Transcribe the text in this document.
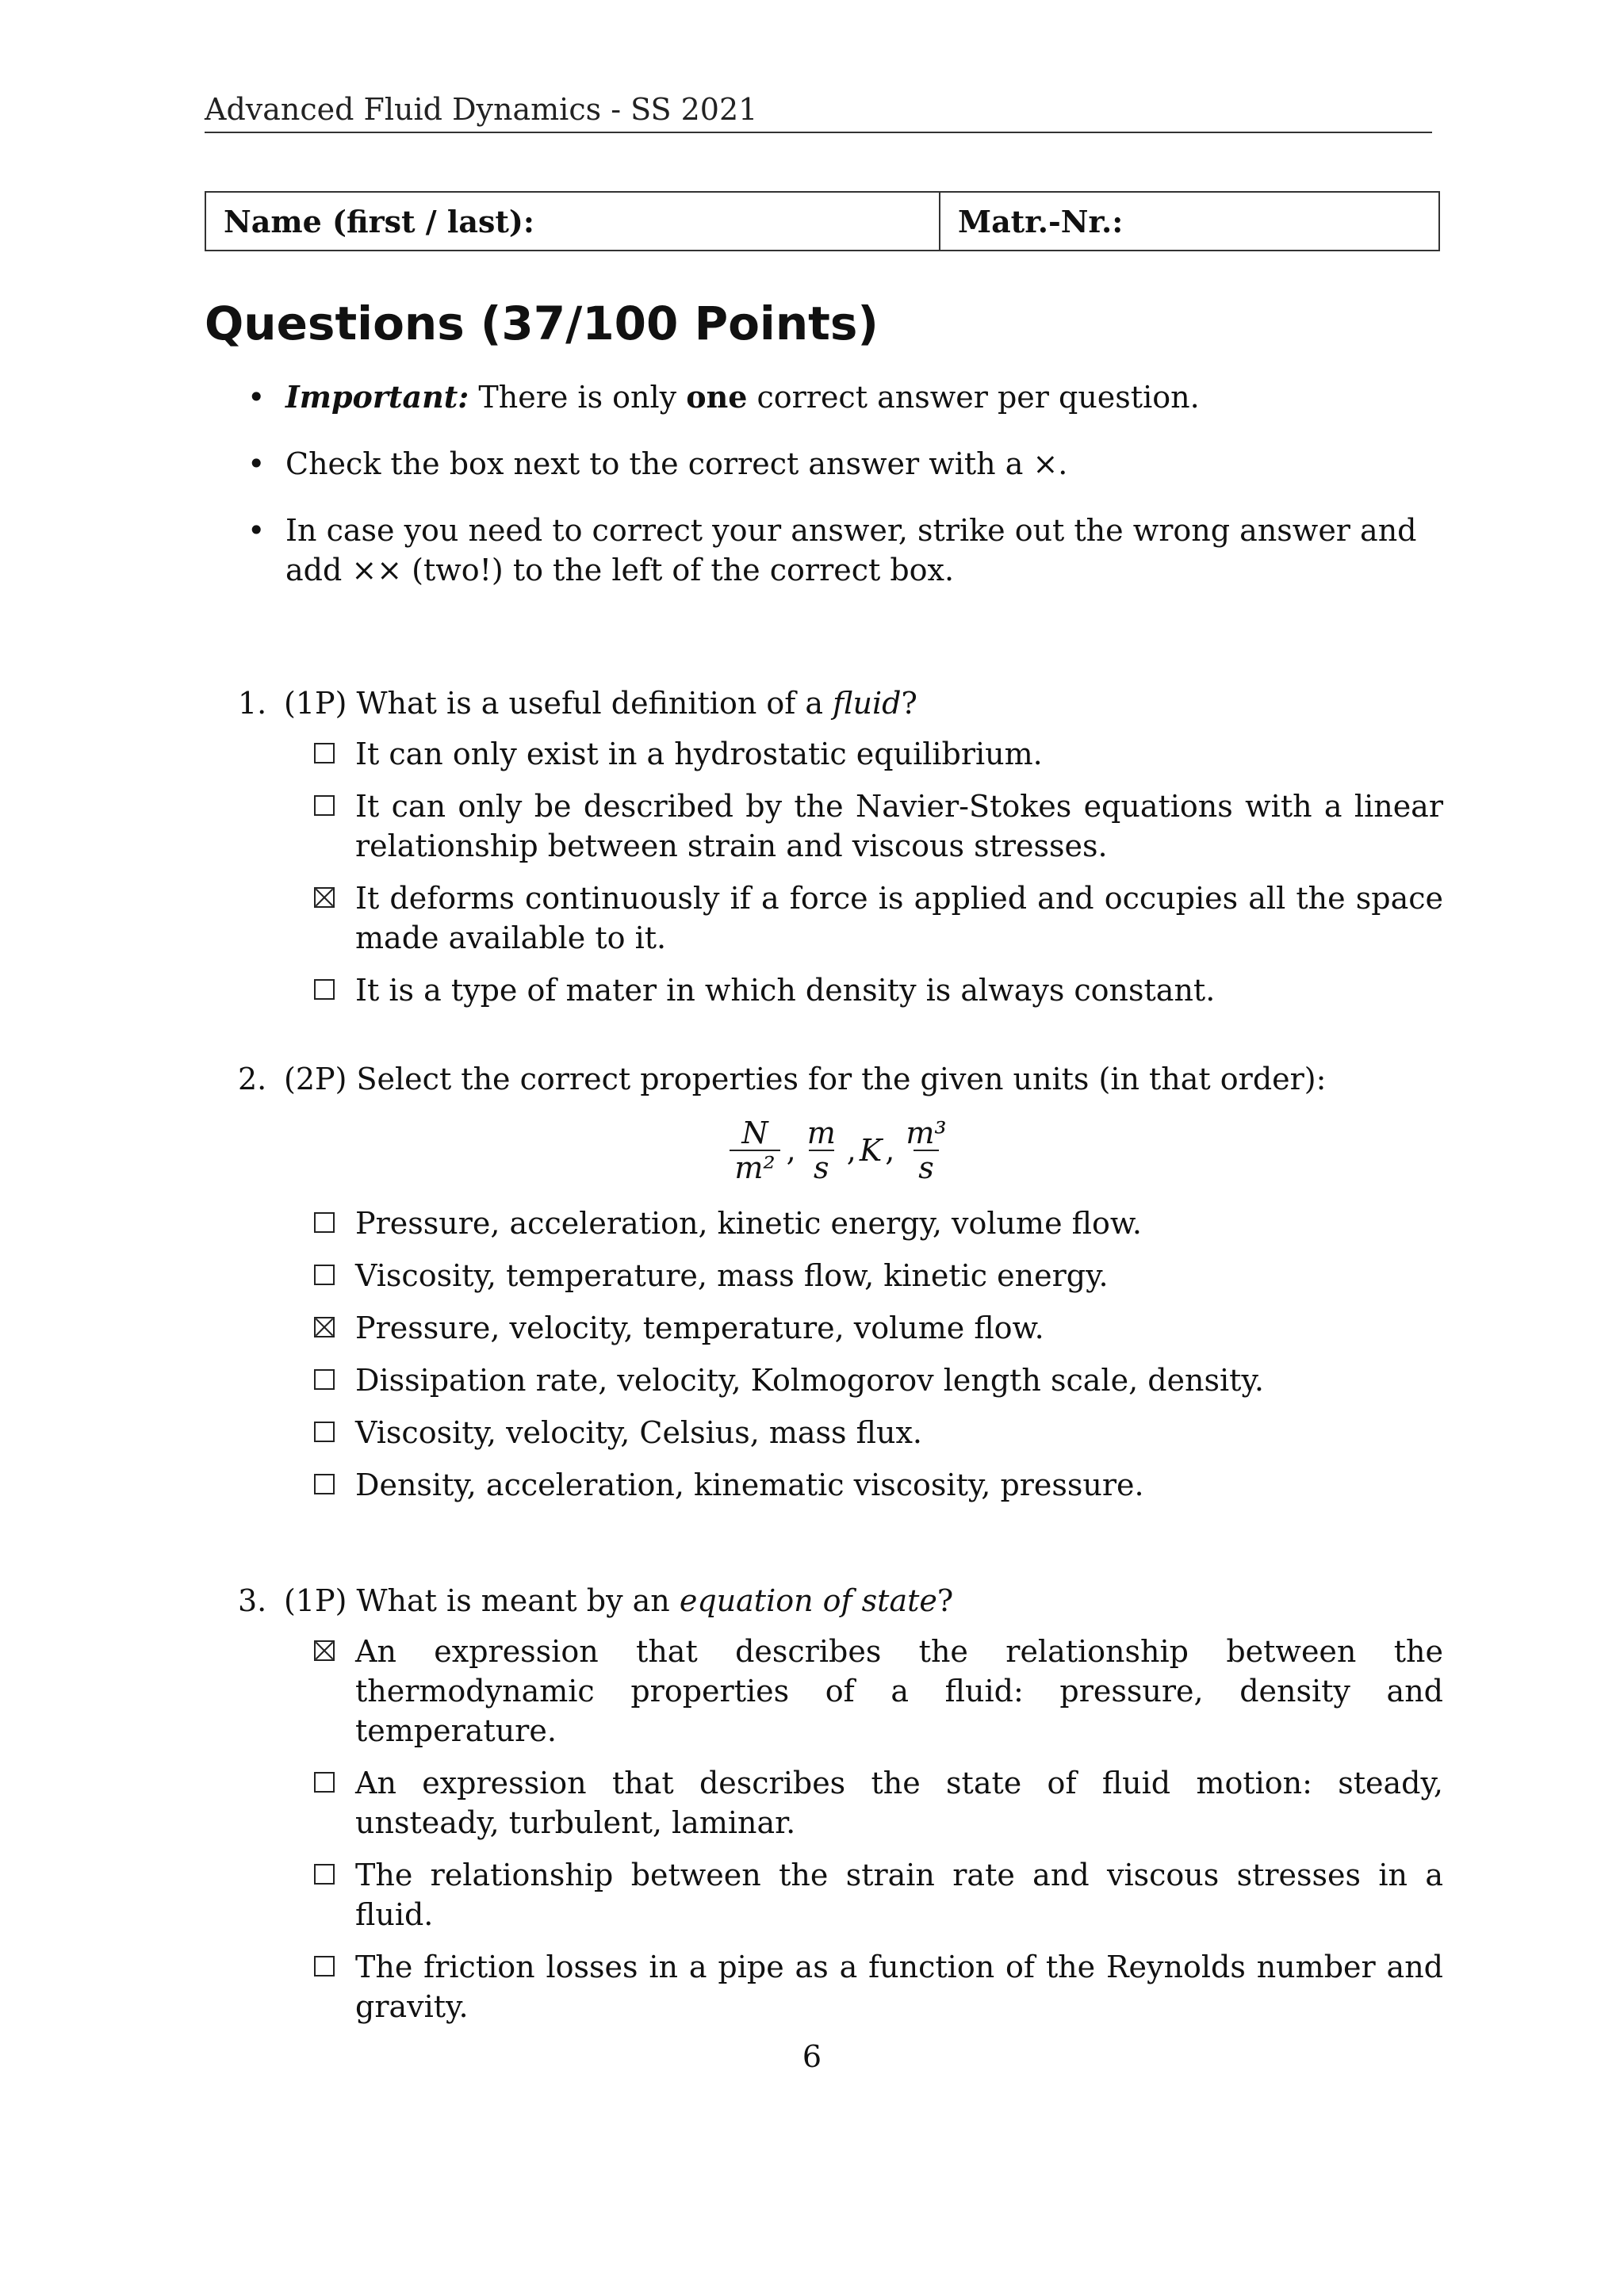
Advanced Fluid Dynamics - SS 2021
Name (first / last):	Matr.-Nr.:
Questions (37/100 Points)
• Important: There is only one correct answer per question.
• Check the box next to the correct answer with a ×.
• In case you need to correct your answer, strike out the wrong answer and add ×× (two!) to the left of the correct box.
1. (1P) What is a useful definition of a fluid?
It can only exist in a hydrostatic equilibrium.
It can only be described by the Navier-Stokes equations with a linear relationship between strain and viscous stresses.
It deforms continuously if a force is applied and occupies all the space made available to it.
It is a type of mater in which density is always constant.
2. (2P) Select the correct properties for the given units (in that order):
$\frac{N}{\text{m²}}$ , $\frac{m}{s}$ , K , $\frac{\text{m³}}{s}$
Pressure, acceleration, kinetic energy, volume flow.
Viscosity, temperature, mass flow, kinetic energy.
Pressure, velocity, temperature, volume flow.
Dissipation rate, velocity, Kolmogorov length scale, density.
Viscosity, velocity, Celsius, mass flux.
Density, acceleration, kinematic viscosity, pressure.
3. (1P) What is meant by an equation of state?
An expression that describes the relationship between the thermodynamic properties of a fluid: pressure, density and temperature.
An expression that describes the state of fluid motion: steady, unsteady, turbulent, laminar.
The relationship between the strain rate and viscous stresses in a fluid.
The friction losses in a pipe as a function of the Reynolds number and gravity.
6
